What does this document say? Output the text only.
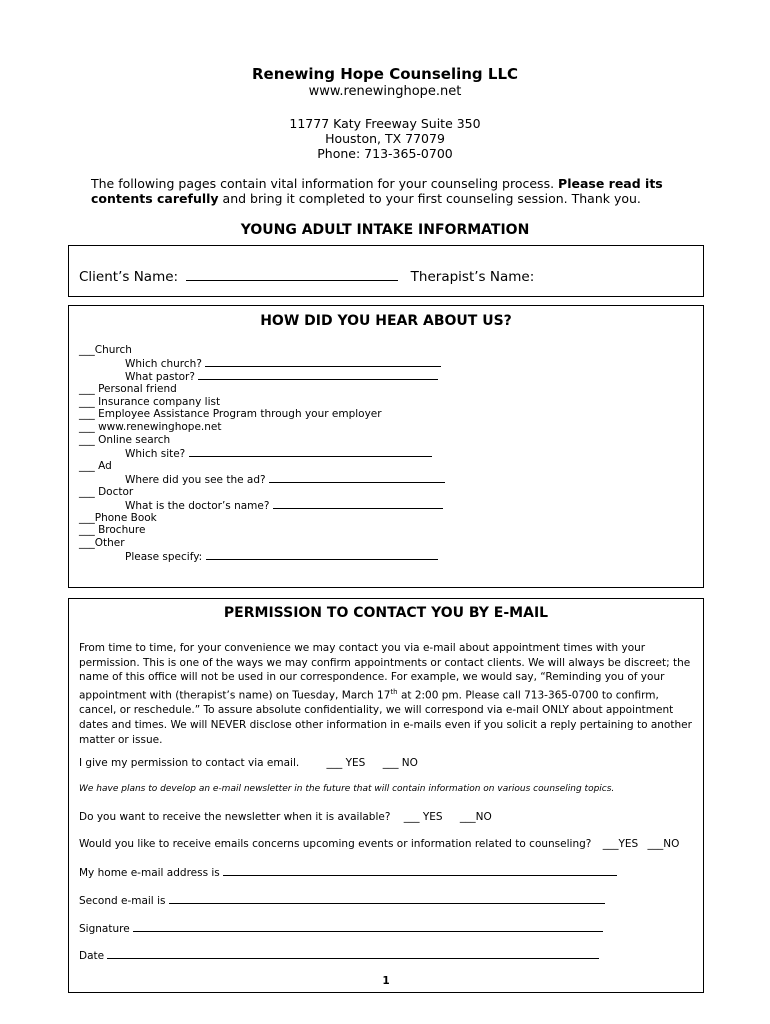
Renewing Hope Counseling LLC
www.renewinghope.net
11777 Katy Freeway Suite 350
Houston, TX 77079
Phone: 713-365-0700
The following pages contain vital information for your counseling process. Please read its contents carefully and bring it completed to your first counseling session. Thank you.
YOUNG ADULT INTAKE INFORMATION
Client’s Name:	Therapist’s Name:
HOW DID YOU HEAR ABOUT US?
___Church
Which church?
What pastor?
___ Personal friend
___ Insurance company list
___ Employee Assistance Program through your employer
___ www.renewinghope.net
___ Online search
Which site?
___ Ad
Where did you see the ad?
___ Doctor
What is the doctor’s name?
___Phone Book
___ Brochure
___Other
Please specify:
PERMISSION TO CONTACT YOU BY E-MAIL
From time to time, for your convenience we may contact you via e-mail about appointment times with your permission. This is one of the ways we may confirm appointments or contact clients. We will always be discreet; the name of this office will not be used in our correspondence. For example, we would say, “Reminding you of your appointment with (therapist’s name) on Tuesday, March 17th at 2:00 pm. Please call 713-365-0700 to confirm, cancel, or reschedule.” To assure absolute confidentiality, we will correspond via e-mail ONLY about appointment dates and times. We will NEVER disclose other information in e-mails even if you solicit a reply pertaining to another matter or issue.
I give my permission to contact via email.	___ YES ___ NO
We have plans to develop an e-mail newsletter in the future that will contain information on various counseling topics.
Do you want to receive the newsletter when it is available? ___ YES ___NO
Would you like to receive emails concerns upcoming events or information related to counseling? ___YES ___NO
My home e-mail address is
Second e-mail is
Signature
Date
1
